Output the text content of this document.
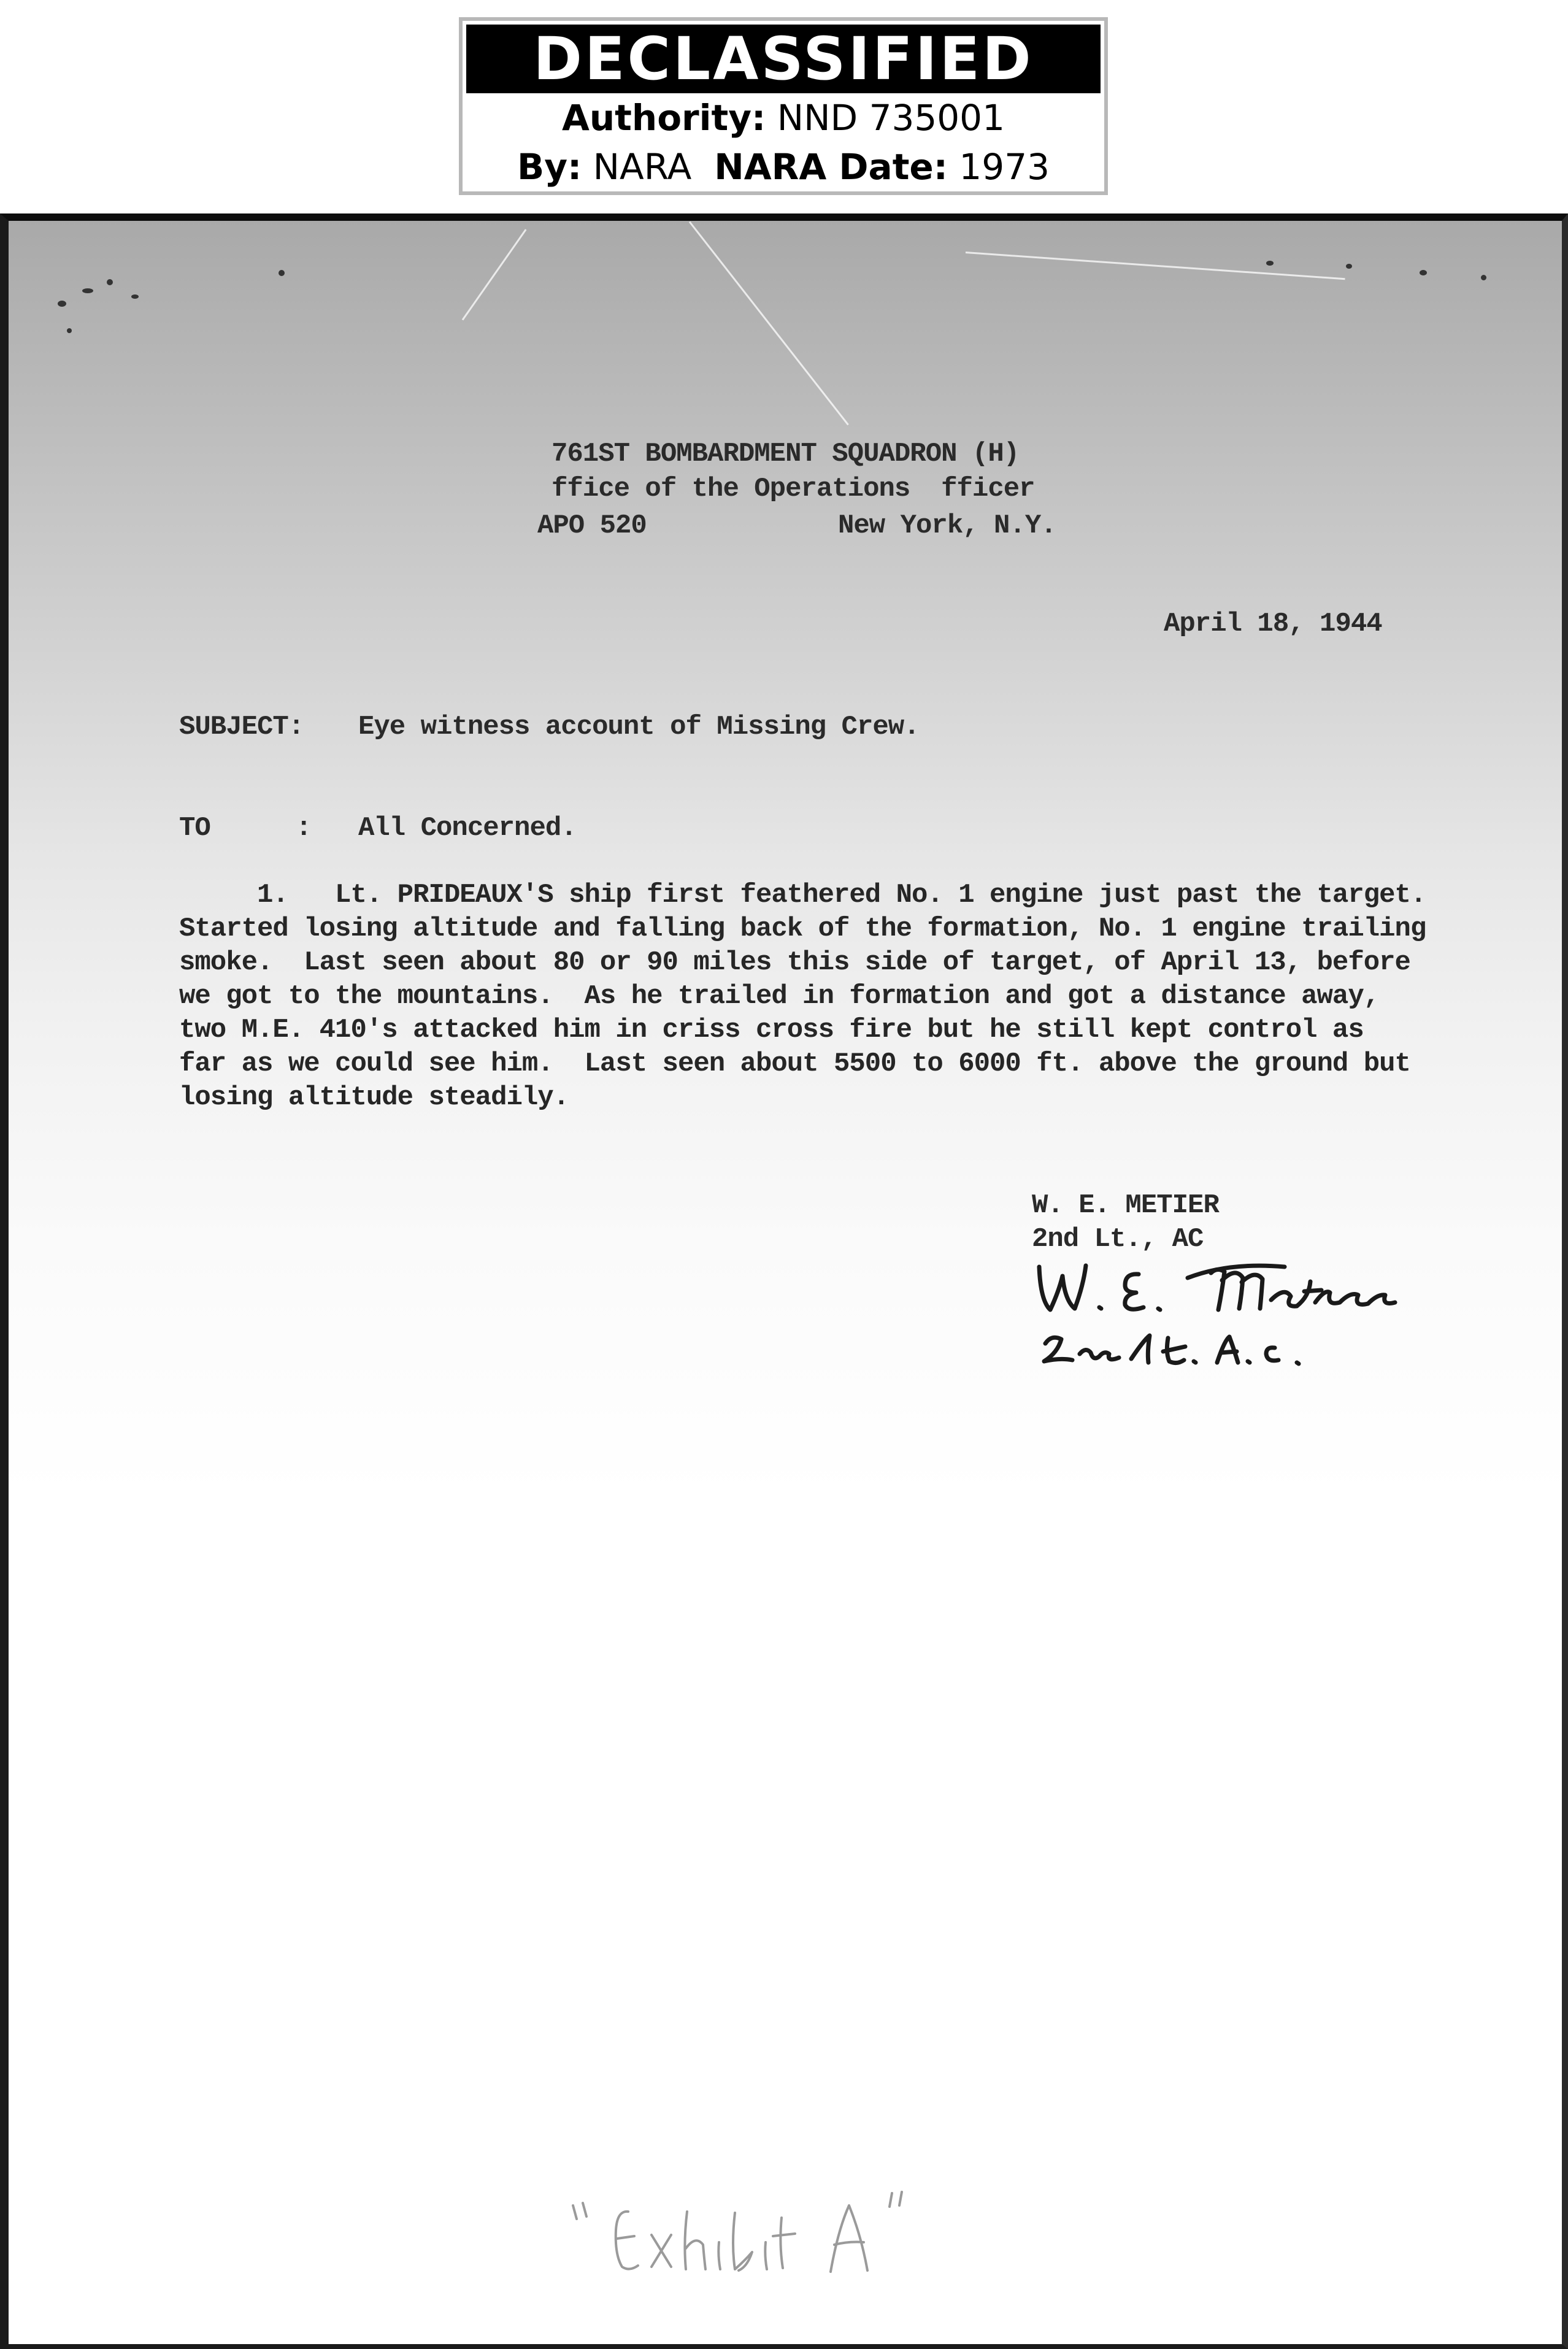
DECLASSIFIED
Authority: NND 735001
By: NARA NARA Date: 1973
761ST BOMBARDMENT SQUADRON (H)
ffice of the Operations  fficer
APO 520	New York, N.Y.
April 18, 1944
SUBJECT: Eye witness account of Missing Crew.
TO	: All Concerned.
1.   Lt. PRIDEAUX'S ship first feathered No. 1 engine just past the target.
Started losing altitude and falling back of the formation, No. 1 engine trailing
smoke.  Last seen about 80 or 90 miles this side of target, of April 13, before
we got to the mountains.  As he trailed in formation and got a distance away,
two M.E. 410's attacked him in criss cross fire but he still kept control as
far as we could see him.  Last seen about 5500 to 6000 ft. above the ground but
losing altitude steadily.
W. E. METIER
2nd Lt., AC
